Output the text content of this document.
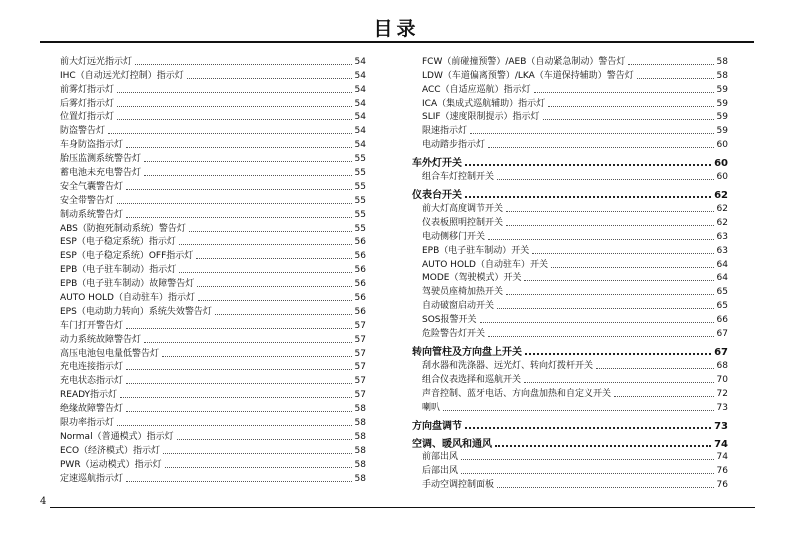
目录
前大灯远光指示灯	54
IHC（自动远光灯控制）指示灯	54
前雾灯指示灯	54
后雾灯指示灯	54
位置灯指示灯	54
防盗警告灯	54
车身防盗指示灯	54
胎压监测系统警告灯	55
蓄电池未充电警告灯	55
安全气囊警告灯	55
安全带警告灯	55
制动系统警告灯	55
ABS（防抱死制动系统）警告灯	55
ESP（电子稳定系统）指示灯	56
ESP（电子稳定系统）OFF指示灯	56
EPB（电子驻车制动）指示灯	56
EPB（电子驻车制动）故障警告灯	56
AUTO HOLD（自动驻车）指示灯	56
EPS（电动助力转向）系统失效警告灯	56
车门打开警告灯	57
动力系统故障警告灯	57
高压电池包电量低警告灯	57
充电连接指示灯	57
充电状态指示灯	57
READY指示灯	57
绝缘故障警告灯	58
限功率指示灯	58
Normal（普通模式）指示灯	58
ECO（经济模式）指示灯	58
PWR（运动模式）指示灯	58
定速巡航指示灯	58
FCW（前碰撞预警）/AEB（自动紧急制动）警告灯	58
LDW（车道偏离预警）/LKA（车道保持辅助）警告灯	58
ACC（自适应巡航）指示灯	59
ICA（集成式巡航辅助）指示灯	59
SLIF（速度限制提示）指示灯	59
限速指示灯	59
电动踏步指示灯	60
车外灯开关	60
组合车灯控制开关	60
仪表台开关	62
前大灯高度调节开关	62
仪表板照明控制开关	62
电动侧移门开关	63
EPB（电子驻车制动）开关	63
AUTO HOLD（自动驻车）开关	64
MODE（驾驶模式）开关	64
驾驶员座椅加热开关	65
自动破窗启动开关	65
SOS报警开关	66
危险警告灯开关	67
转向管柱及方向盘上开关	67
刮水器和洗涤器、远光灯、转向灯拨杆开关	68
组合仪表选择和巡航开关	70
声音控制、蓝牙电话、方向盘加热和自定义开关	72
喇叭	73
方向盘调节	73
空调、暖风和通风	74
前部出风	74
后部出风	76
手动空调控制面板	76
4
